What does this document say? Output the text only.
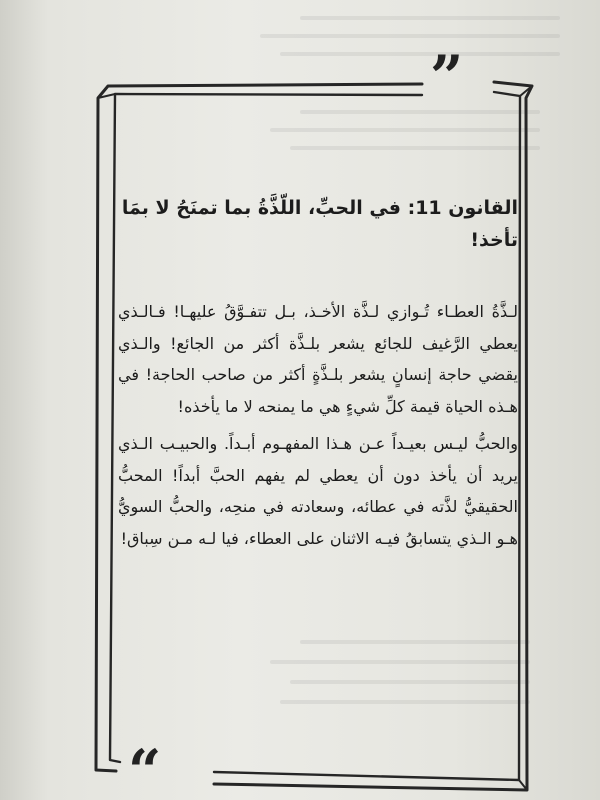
”
“
القانون 11: في الحبِّ، اللّذَّةُ بما تمنَحُ لا بمَا تأخذ!

لـذَّةُ العطـاء تُـوازي لـذَّة الأخـذ، بـل تتفـوَّقُ عليهـا! فـالـذي يعطي الرَّغيف للجائع يشعر بلـذَّة أكثر من الجائع! والـذي يقضي حاجة إنسانٍ يشعر بلـذَّةٍ أكثر من صاحب الحاجة! في هـذه الحياة قيمة كلِّ شيءٍ هي ما يمنحه لا ما يأخذه!

والحبُّ ليـس بعيـداً عـن هـذا المفهـوم أبـداً. والحبيـب الـذي يريد أن يأخذ دون أن يعطي لم يفهم الحبَّ أبداً! المحبُّ الحقيقيُّ لذَّته في عطائه، وسعادته في منحِه، والحبُّ السويُّ هـو الـذي يتسابقُ فيـه الاثنان على العطاء، فيا لـه مـن سِباق!
